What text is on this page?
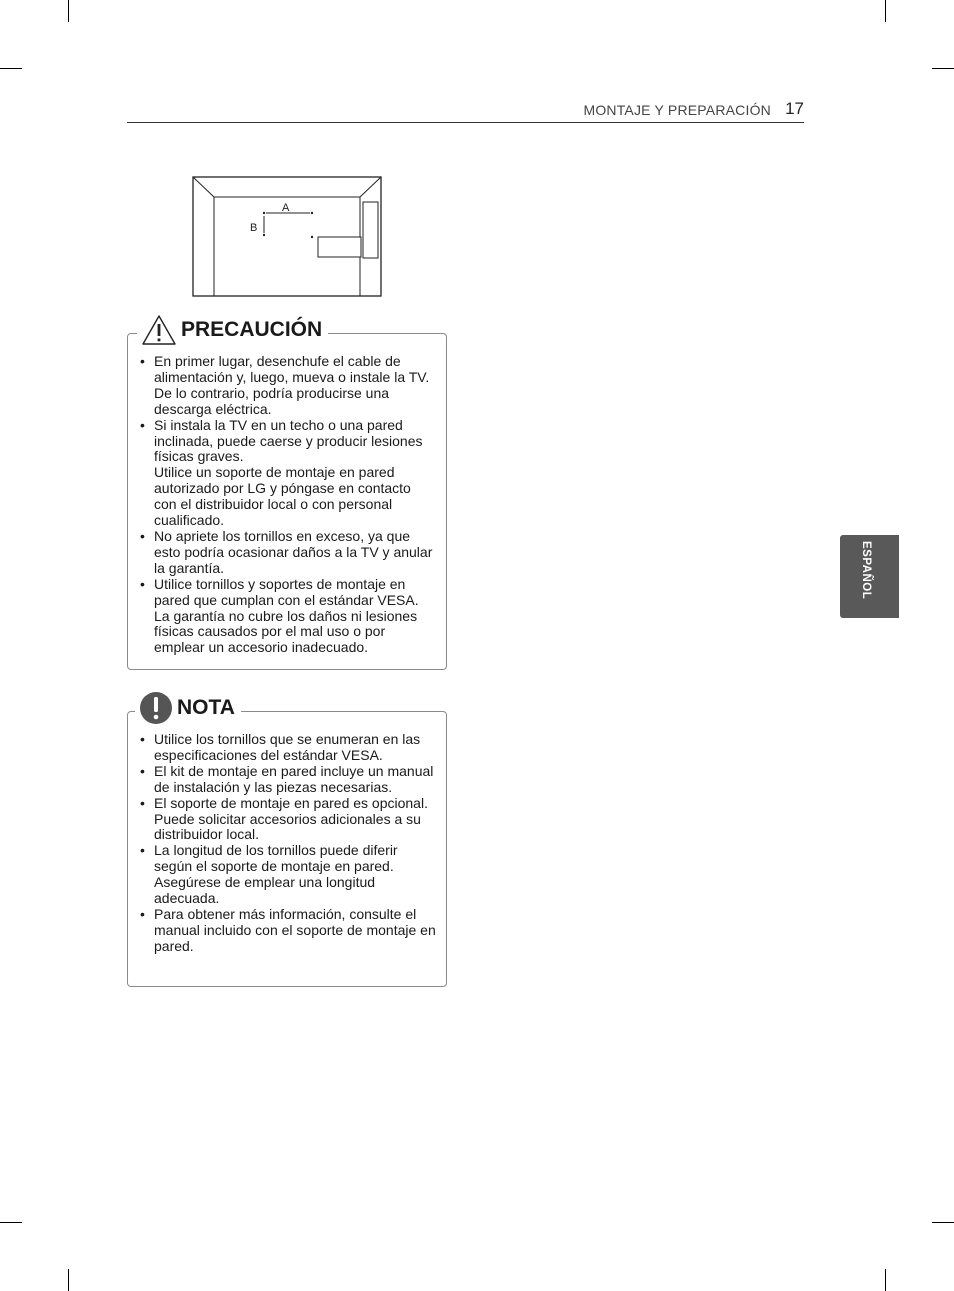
MONTAJE Y PREPARACIÓN 17
A
B
• En primer lugar, desenchufe el cable de alimentación y, luego, mueva o instale la TV. De lo contrario, podría producirse una descarga eléctrica.
• Si instala la TV en un techo o una pared inclinada, puede caerse y producir lesiones físicas graves.
Utilice un soporte de montaje en pared autorizado por LG y póngase en contacto con el distribuidor local o con personal cualificado.
• No apriete los tornillos en exceso, ya que esto podría ocasionar daños a la TV y anular la garantía.
• Utilice tornillos y soportes de montaje en pared que cumplan con el estándar VESA. La garantía no cubre los daños ni lesiones físicas causados por el mal uso o por emplear un accesorio inadecuado.
PRECAUCIÓN
• Utilice los tornillos que se enumeran en las especificaciones del estándar VESA.
• El kit de montaje en pared incluye un manual de instalación y las piezas necesarias.
• El soporte de montaje en pared es opcional. Puede solicitar accesorios adicionales a su distribuidor local.
• La longitud de los tornillos puede diferir según el soporte de montaje en pared. Asegúrese de emplear una longitud adecuada.
• Para obtener más información, consulte el manual incluido con el soporte de montaje en pared.
NOTA
ESPAÑOL
